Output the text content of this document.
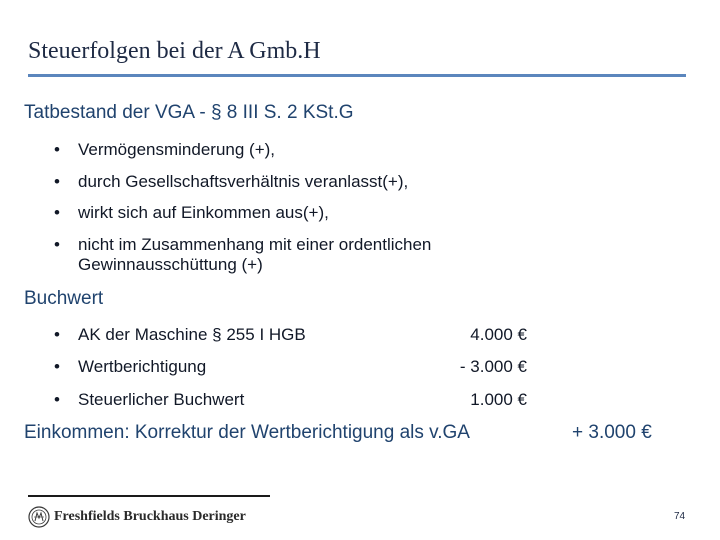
Steuerfolgen bei der A Gmb.H
Tatbestand der VGA - § 8 III S. 2 KSt.G
•	Vermögensminderung (+),
•	durch Gesellschaftsverhältnis veranlasst(+),
•	wirkt sich auf Einkommen aus(+),
•	nicht im Zusammenhang mit einer ordentlichen Gewinnausschüttung (+)
Buchwert
•	AK der Maschine § 255 I HGB	4.000 €
•	Wertberichtigung	- 3.000 €
•	Steuerlicher Buchwert	1.000 €
Einkommen: Korrektur der Wertberichtigung als v.GA	+ 3.000 €
Freshfields Bruckhaus Deringer	74
